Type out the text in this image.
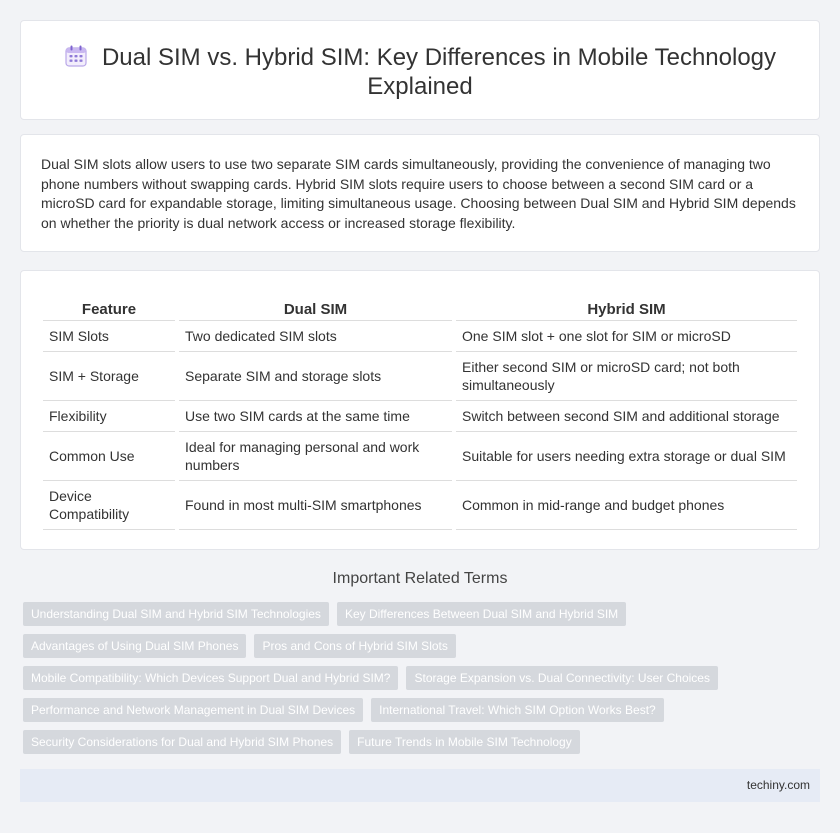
Dual SIM vs. Hybrid SIM: Key Differences in Mobile Technology Explained

Dual SIM slots allow users to use two separate SIM cards simultaneously, providing the convenience of managing two phone numbers without swapping cards. Hybrid SIM slots require users to choose between a second SIM card or a microSD card for expandable storage, limiting simultaneous usage. Choosing between Dual SIM and Hybrid SIM depends on whether the priority is dual network access or increased storage flexibility.

Feature	Dual SIM	Hybrid SIM
SIM Slots	Two dedicated SIM slots	One SIM slot + one slot for SIM or microSD
SIM + Storage	Separate SIM and storage slots	Either second SIM or microSD card; not both simultaneously
Flexibility	Use two SIM cards at the same time	Switch between second SIM and additional storage
Common Use	Ideal for managing personal and work numbers	Suitable for users needing extra storage or dual SIM
Device Compatibility	Found in most multi-SIM smartphones	Common in mid-range and budget phones
Important Related Terms
Understanding Dual SIM and Hybrid SIM Technologies	Key Differences Between Dual SIM and Hybrid SIM
Advantages of Using Dual SIM Phones	Pros and Cons of Hybrid SIM Slots
Mobile Compatibility: Which Devices Support Dual and Hybrid SIM?	Storage Expansion vs. Dual Connectivity: User Choices
Performance and Network Management in Dual SIM Devices	International Travel: Which SIM Option Works Best?
Security Considerations for Dual and Hybrid SIM Phones	Future Trends in Mobile SIM Technology
techiny.com
